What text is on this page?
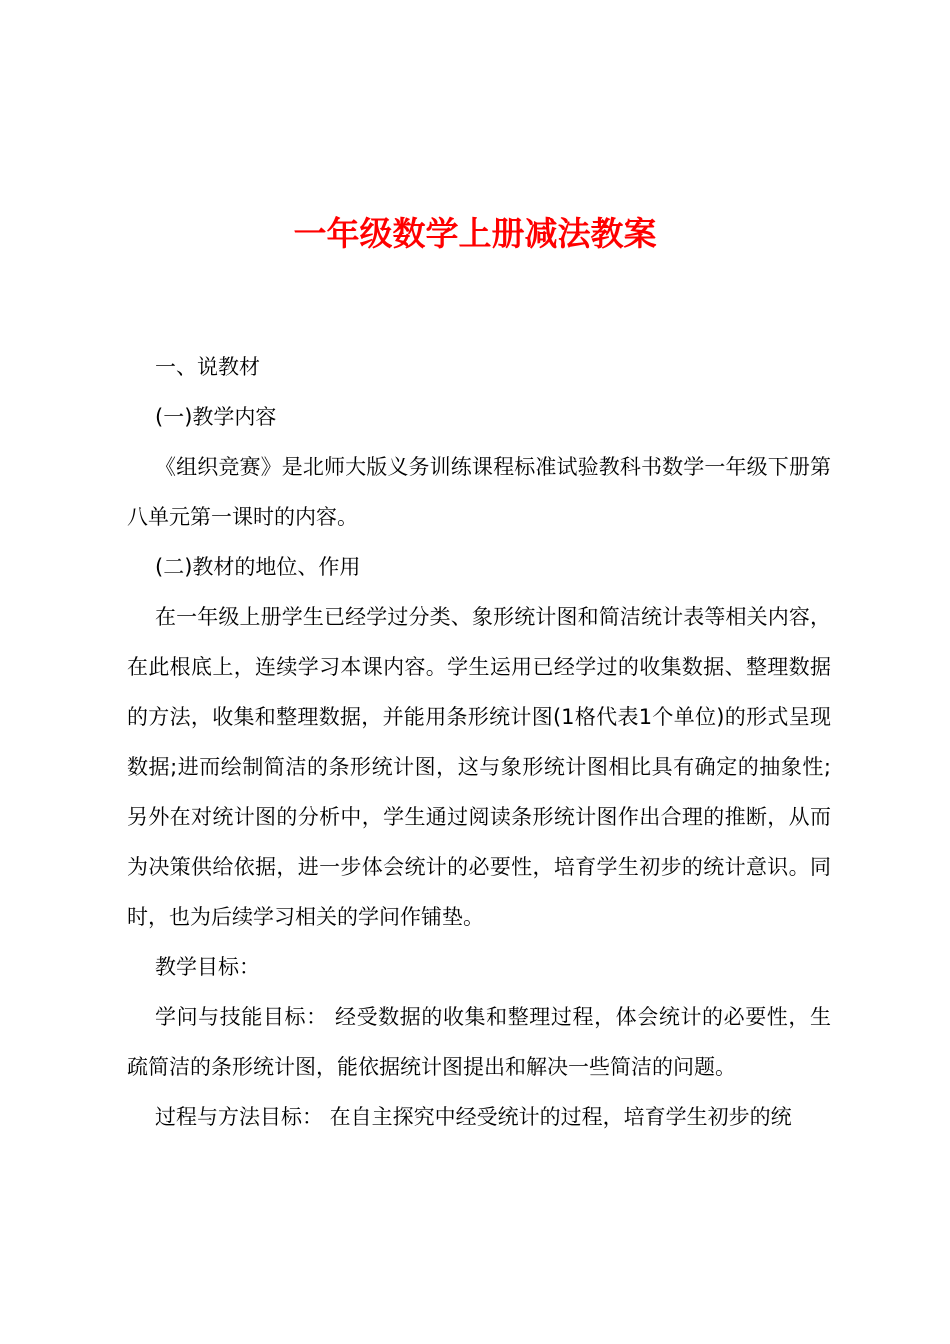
一年级数学上册减法教案

一、说教材

(一)教学内容

《组织竞赛》是北师大版义务训练课程标准试验教科书数学一年级下册第八单元第一课时的内容。

(二)教材的地位、作用

在一年级上册学生已经学过分类、象形统计图和简洁统计表等相关内容，在此根底上，连续学习本课内容。学生运用已经学过的收集数据、整理数据的方法，收集和整理数据，并能用条形统计图(1格代表1个单位)的形式呈现数据;进而绘制简洁的条形统计图，这与象形统计图相比具有确定的抽象性;另外在对统计图的分析中，学生通过阅读条形统计图作出合理的推断，从而为决策供给依据，进一步体会统计的必要性，培育学生初步的统计意识。同时，也为后续学习相关的学问作铺垫。

教学目标：

学问与技能目标： 经受数据的收集和整理过程，体会统计的必要性，生疏简洁的条形统计图，能依据统计图提出和解决一些简洁的问题。

过程与方法目标： 在自主探究中经受统计的过程，培育学生初步的统
